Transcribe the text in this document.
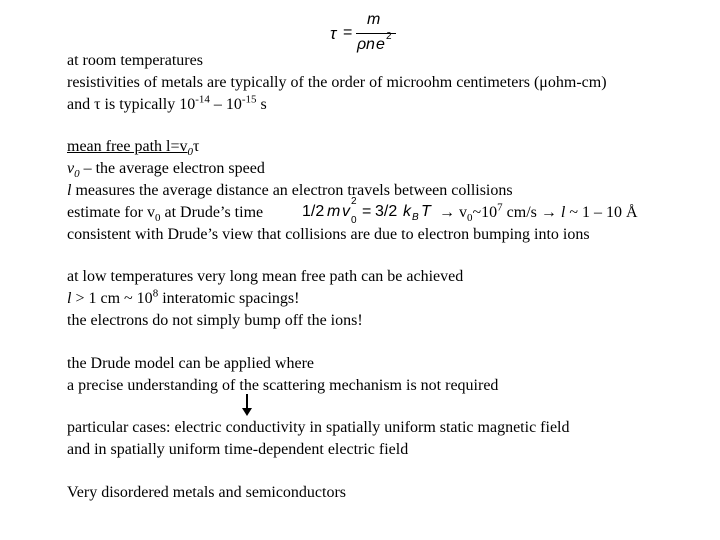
τ =
m
ρ n e 2
at room temperatures
resistivities of metals are typically of the order of microohm centimeters (μohm-cm)
and τ is typically $10^{-14} - 10^{-15}$ s
mean free path $l=v_0\tau$
$v_0$ – the average electron speed
l measures the average distance an electron travels between collisions
estimate for $v_0$ at Drude’s time	→ $v_0\sim 10^7$ cm/s → l ~ 1 – 10 Å
1/2 m v
2
0
= 3/2 k B T
consistent with Drude’s view that collisions are due to electron bumping into ions
at low temperatures very long mean free path can be achieved
l > 1 cm ~ $10^8$ interatomic spacings!
the electrons do not simply bump off the ions!
the Drude model can be applied where
a precise understanding of the scattering mechanism is not required
particular cases: electric conductivity in spatially uniform static magnetic field
and in spatially uniform time-dependent electric field
Very disordered metals and semiconductors
